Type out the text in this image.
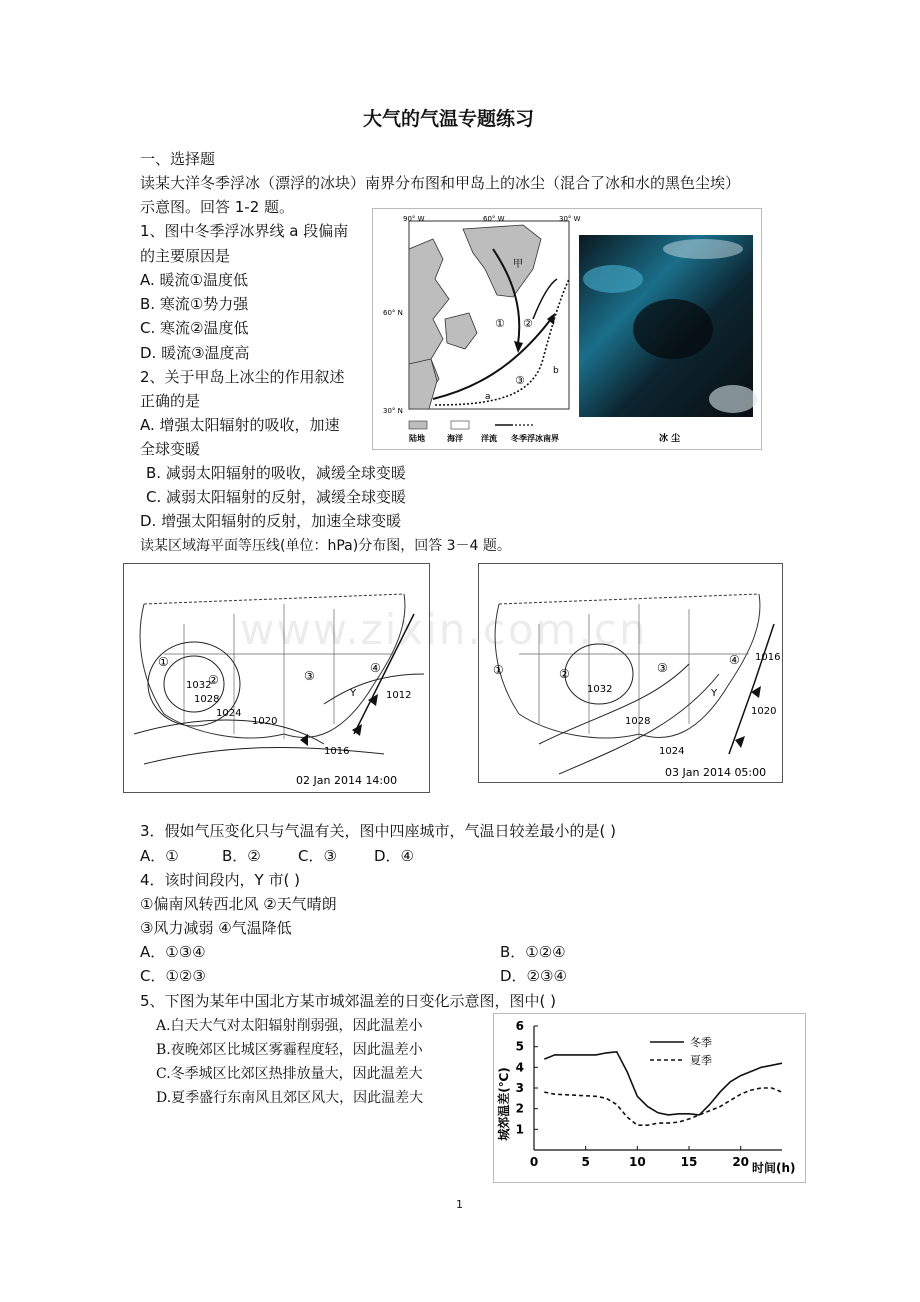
大气的气温专题练习
一、选择题
读某大洋冬季浮冰（漂浮的冰块）南界分布图和甲岛上的冰尘（混合了冰和水的黑色尘埃）
示意图。回答 1-2 题。
1、图中冬季浮冰界线 a 段偏南
的主要原因是
A. 暖流①温度低
B. 寒流①势力强
C. 寒流②温度低
D. 暖流③温度高
2、关于甲岛上冰尘的作用叙述
正确的是
A. 增强太阳辐射的吸收，加速
全球变暖
B. 减弱太阳辐射的吸收，减缓全球变暖
C. 减弱太阳辐射的反射，减缓全球变暖
D. 增强太阳辐射的反射，加速全球变暖
读某区域海平面等压线(单位：hPa)分布图，回答 3－4 题。
90° W	60° W	30° W
60° N
30° N
甲
① ②
③
a
b
陆地	海洋 洋流 冬季浮冰南界	冰 尘
①
②	③
④
Y
1032
1028
1024
1020
1016
1012
02 Jan 2014 14:00
①	②	③
④
Y
1032
1028
1024
1020
1016
03 Jan 2014 05:00
www.zixin.com.cn
3．假如气压变化只与气温有关，图中四座城市，气温日较差最小的是( )
A．①	B．② C．③ D．④
4．该时间段内，Y 市( )
①偏南风转西北风 ②天气晴朗
③风力减弱 ④气温降低
A．①③④	B．①②④
C．①②③	D．②③④
5、下图为某年中国北方某市城郊温差的日变化示意图，图中( )
A.白天大气对太阳辐射削弱强，因此温差小
B.夜晚郊区比城区雾霾程度轻，因此温差小
C.冬季城区比郊区热排放量大，因此温差大
D.夏季盛行东南风且郊区风大，因此温差大
1
2
3
4
5
6
0	5	10	15	20
城郊温差(℃)
时间(h)
冬季
夏季
1
